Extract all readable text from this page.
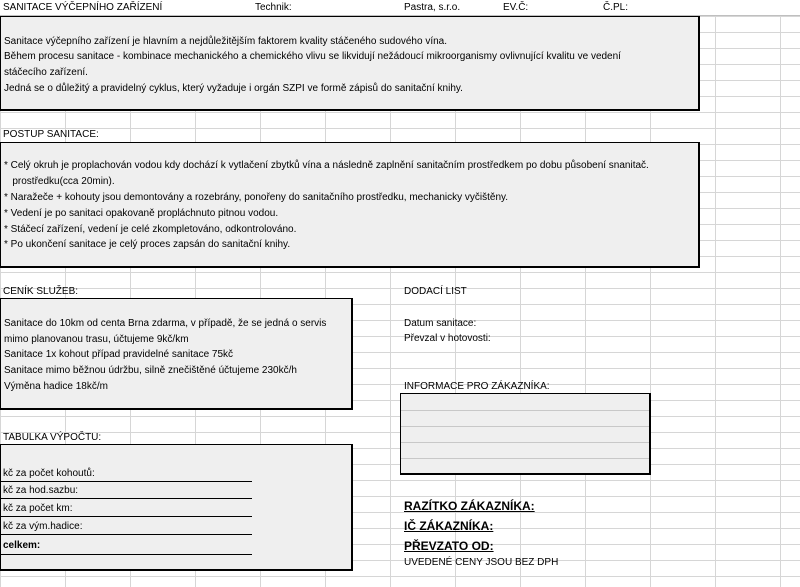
SANITACE VÝČEPNÍHO ZAŘÍZENÍ	Technik:	Pastra, s.r.o.	EV.Č:	Č.PL:
Sanitace výčepního zařízení je hlavním a nejdůležitějším faktorem kvality stáčeného sudového vína.
Během procesu sanitace - kombinace mechanického a chemického vlivu se likvidují nežádoucí mikroorganismy ovlivnující kvalitu ve vedení
stáčecího zařízení.
Jedná se o důležitý a pravidelný cyklus, který vyžaduje i orgán SZPI ve formě zápisů do sanitační knihy.
POSTUP SANITACE:
* Celý okruh je proplachován vodou kdy dochází k vytlačení zbytků vína a následně zaplnění sanitačním prostředkem po dobu působení snanitač.
prostředku(cca 20min).
* Naražeče + kohouty jsou demontovány a rozebrány, ponořeny do sanitačního prostředku, mechanicky vyčištěny.
* Vedení je po sanitaci opakovaně propláchnuto pitnou vodou.
* Stáčecí zařízení, vedení je celé zkompletováno, odkontrolováno.
* Po ukončení sanitace je celý proces zapsán do sanitační knihy.
CENÍK SLUŽEB:
Sanitace do 10km od centa Brna zdarma, v případě, že se jedná o servis
mimo planovanou trasu, účtujeme 9kč/km
Sanitace 1x kohout případ pravidelné sanitace 75kč
Sanitace mimo běžnou údržbu, silně znečištěné účtujeme 230kč/h
Výměna hadice 18kč/m
DODACÍ LIST
Datum sanitace:
Převzal v hotovosti:
INFORMACE PRO ZÁKAZNÍKA:
TABULKA VÝPOČTU:
kč za počet kohoutů:
kč za hod.sazbu:
kč za počet km:
kč za vým.hadice:
celkem:
RAZÍTKO ZÁKAZNÍKA:
IČ ZÁKAZNÍKA:
PŘEVZATO OD:
UVEDENÉ CENY JSOU BEZ DPH
